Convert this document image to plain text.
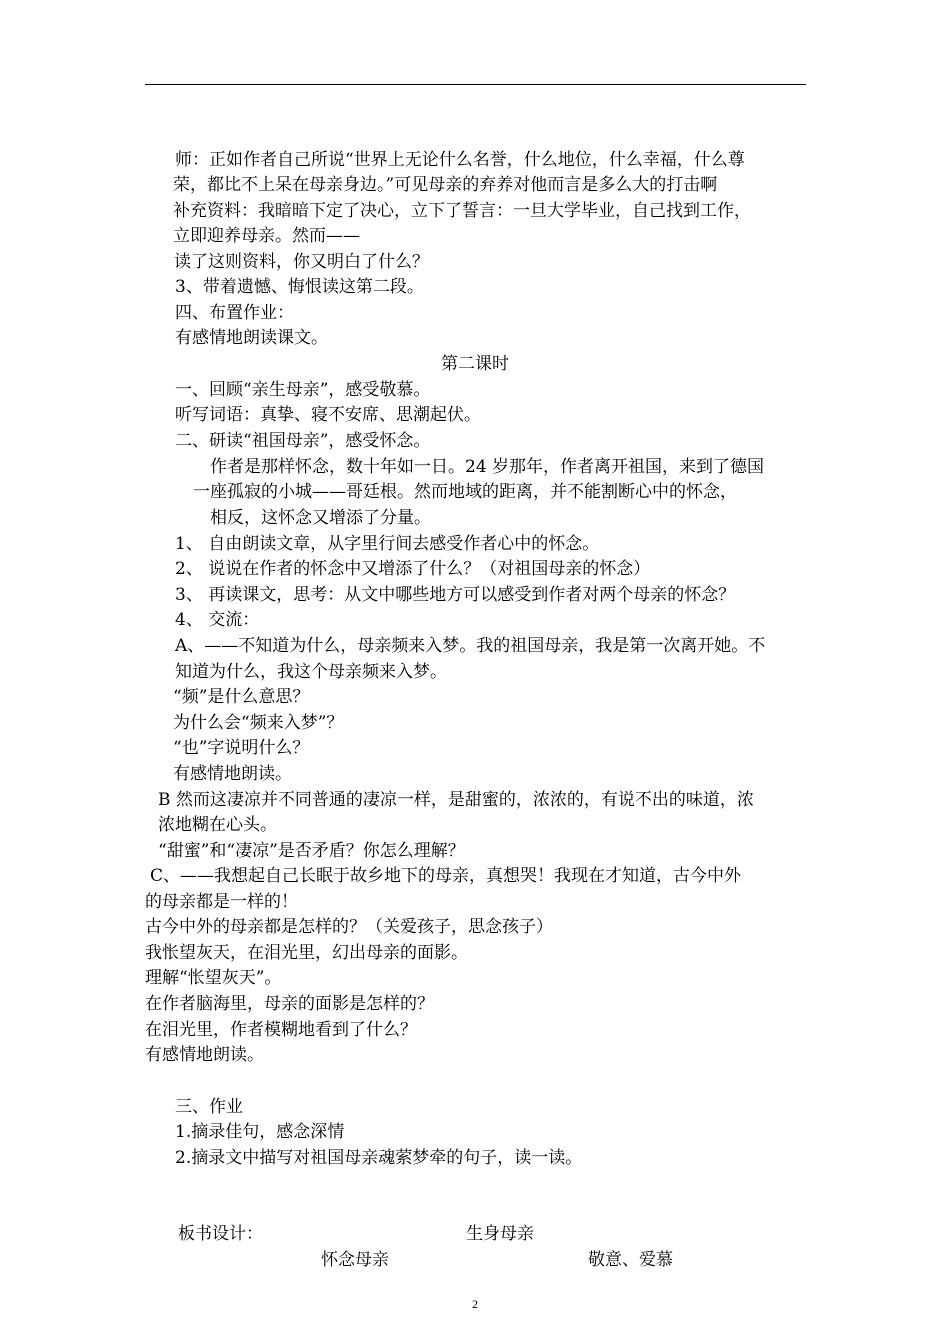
师：正如作者自己所说“世界上无论什么名誉，什么地位，什么幸福，什么尊
荣，都比不上呆在母亲身边。”可见母亲的弃养对他而言是多么大的打击啊
补充资料：我暗暗下定了决心，立下了誓言：一旦大学毕业，自己找到工作，
立即迎养母亲。然而——
读了这则资料，你又明白了什么？
3、带着遗憾、悔恨读这第二段。
四、布置作业：
有感情地朗读课文。
第二课时
一、回顾“亲生母亲”，感受敬慕。
听写词语：真挚、寝不安席、思潮起伏。
二、研读“祖国母亲”，感受怀念。
作者是那样怀念，数十年如一日。24 岁那年，作者离开祖国，来到了德国
一座孤寂的小城——哥廷根。然而地域的距离，并不能割断心中的怀念，
相反，这怀念又增添了分量。
1、 自由朗读文章，从字里行间去感受作者心中的怀念。
2、 说说在作者的怀念中又增添了什么？（对祖国母亲的怀念）
3、 再读课文，思考：从文中哪些地方可以感受到作者对两个母亲的怀念？
4、 交流：
A、——不知道为什么，母亲频来入梦。我的祖国母亲，我是第一次离开她。不
知道为什么，我这个母亲频来入梦。
“频”是什么意思？
为什么会“频来入梦”？
“也”字说明什么？
有感情地朗读。
B 然而这凄凉并不同普通的凄凉一样，是甜蜜的，浓浓的，有说不出的味道，浓
浓地糊在心头。
“甜蜜”和“凄凉”是否矛盾？你怎么理解？
C、——我想起自己长眠于故乡地下的母亲，真想哭！我现在才知道，古今中外
的母亲都是一样的！
古今中外的母亲都是怎样的？（关爱孩子，思念孩子）
我怅望灰天，在泪光里，幻出母亲的面影。
理解“怅望灰天”。
在作者脑海里，母亲的面影是怎样的？
在泪光里，作者模糊地看到了什么？
有感情地朗读。
三、作业
1.摘录佳句，感念深情
2.摘录文中描写对祖国母亲魂萦梦牵的句子，读一读。
板书设计：	生身母亲
怀念母亲	敬意、爱慕
2
